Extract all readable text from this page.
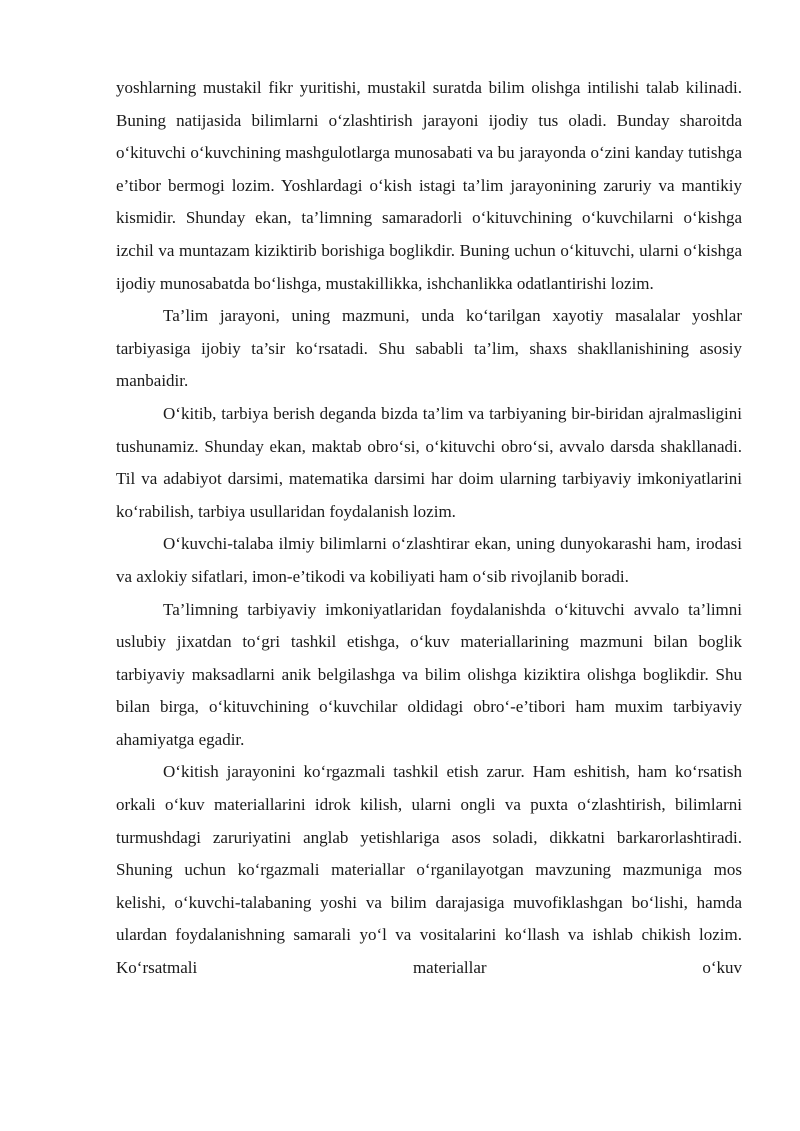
yoshlarning mustakil fikr yuritishi, mustakil suratda bilim olishga intilishi talab kilinadi. Buning natijasida bilimlarni o‘zlashtirish jarayoni ijodiy tus oladi. Bunday sharoitda o‘kituvchi o‘kuvchining mashgulotlarga munosabati va bu jarayonda o‘zini kanday tutishga e’tibor bermogi lozim. Yoshlardagi o‘kish istagi ta’lim jarayonining zaruriy va mantikiy kismidir. Shunday ekan, ta’limning samaradorli o‘kituvchining o‘kuvchilarni o‘kishga izchil va muntazam kiziktirib borishiga boglikdir. Buning uchun o‘kituvchi, ularni o‘kishga ijodiy munosabatda bo‘lishga, mustakillikka, ishchanlikka odatlantirishi lozim.

Ta’lim jarayoni, uning mazmuni, unda ko‘tarilgan xayotiy masalalar yoshlar tarbiyasiga ijobiy ta’sir ko‘rsatadi. Shu sababli ta’lim, shaxs shakllanishining asosiy manbaidir.

O‘kitib, tarbiya berish deganda bizda ta’lim va tarbiyaning bir-biridan ajralmasligini tushunamiz. Shunday ekan, maktab obro‘si, o‘kituvchi obro‘si, avvalo darsda shakllanadi. Til va adabiyot darsimi, matematika darsimi har doim ularning tarbiyaviy imkoniyatlarini ko‘rabilish, tarbiya usullaridan foydalanish lozim.

O‘kuvchi-talaba ilmiy bilimlarni o‘zlashtirar ekan, uning dunyokarashi ham, irodasi va axlokiy sifatlari, imon-e’tikodi va kobiliyati ham o‘sib rivojlanib boradi.

Ta’limning tarbiyaviy imkoniyatlaridan foydalanishda o‘kituvchi avvalo ta’limni uslubiy jixatdan to‘gri tashkil etishga, o‘kuv materiallarining mazmuni bilan boglik tarbiyaviy maksadlarni anik belgilashga va bilim olishga kiziktira olishga boglikdir. Shu bilan birga, o‘kituvchining o‘kuvchilar oldidagi obro‘-e’tibori ham muxim tarbiyaviy ahamiyatga egadir.

O‘kitish jarayonini ko‘rgazmali tashkil etish zarur. Ham eshitish, ham ko‘rsatish orkali o‘kuv materiallarini idrok kilish, ularni ongli va puxta o‘zlashtirish, bilimlarni turmushdagi zaruriyatini anglab yetishlariga asos soladi, dikkatni barkarorlashtiradi. Shuning uchun ko‘rgazmali materiallar o‘rganilayotgan mavzuning mazmuniga mos kelishi, o‘kuvchi-talabaning yoshi va bilim darajasiga muvofiklashgan bo‘lishi, hamda ulardan foydalanishning samarali yo‘l va vositalarini ko‘llash va ishlab chikish lozim. Ko‘rsatmali materiallar o‘kuv
